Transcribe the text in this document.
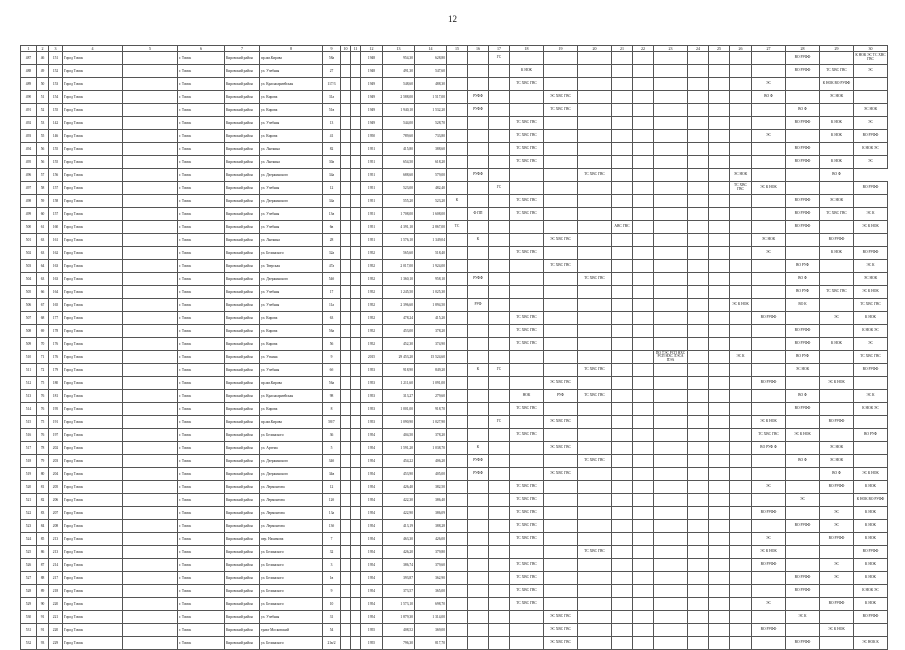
12
1	2	3	4	5	6	7	8	9	10	11	12	13	14	15	16	17	18	19	20	21	22	23	24	25	26	27	28	29	30
487	46	151	Город Томск		г. Томск	Кировский район	пр.им.Кирова	58а			1948	954,30	628,80			ГС											ВО РУФФ		К НОК ЭС ТС ХВС ГВС
488	49	152	Город Томск		г. Томск	Кировский район	ул. Учебная	27			1948	491,30	547,60				К НОК										ВО РУФФ	ТС ХВС ГВС	ЭС
489	50	153	Город Томск		г. Томск	Кировский район	ул. Красноармейская	117/3			1949	548,60	488,30				ТС ХВС ГВС									ЭС		К НОК ВО РУФФ	
490	51	154	Город Томск		г. Томск	Кировский район	ул. Кирова	31а			1949	2 588,00	1 517,00		РУФФ			ЭС ХВС ГВС								ВО Ф		ЭС НОК	
491	52	155	Город Томск		г. Томск	Кировский район	ул. Кирова	51в			1949	1 940,10	1 532,20		РУФФ			ТС ХВС ГВС									ВО Ф		ЭС НОК
492	53	142	Город Томск		г. Томск	Кировский район	ул. Учебная	13			1949	544,00	528,70				ТС ХВС ГВС										ВО РУФФ	К НОК	ЭС
493	55	146	Город Томск		г. Томск	Кировский район	ул. Кирова	41			1950	789,60	733,80				ТС ХВС ГВС									ЭС		К НОК	ВО РУФФ
494	56	155	Город Томск		г. Томск	Кировский район	ул. Лыткина	82			1951	415,80	388,60				ТС ХВС ГВС										ВО РУФФ		К НОК ЭС
495	56	155	Город Томск		г. Томск	Кировский район	ул. Лыткина	30а			1951	654,50	618,20				ТС ХВС ГВС										ВО РУФФ	К НОК	ЭС
496	57	156	Город Томск		г. Томск	Кировский район	ул. Дзержинского	34а			1951	688,60	579,00		РУФФ				ТС ХВС ГВС						ЭС НОК			ВО Ф	
497	58	157	Город Томск		г. Томск	Кировский район	ул. Учебная	12			1951	523,00	482,40			ГС									ТС ХВС ГВС	ЭС К НОК			ВО РУФФ
498	59	158	Город Томск		г. Томск	Кировский район	ул. Дзержинского	34а			1951	555,20	523,20	К			ТС ХВС ГВС										ВО РУФФ	ЭС НОК	
499	60	157	Город Томск		г. Томск	Кировский район	ул. Учебная	13в			1951	1 708,00	1 608,00		Ф ПП		ТС ХВС ГВС										ВО РУФФ	ТС ХВС ГВС	ЭС К
500	61	160	Город Томск		г. Томск	Кировский район	ул. Учебная	6в			1951	4 391,10	2 867,00	ТС						АВС ГВС							ВО РУФФ		ЭС К НОК
501	63	161	Город Томск		г. Томск	Кировский район	ул. Лыткина	28			1951	1 576,10	1 349,04		К			ЭС ХВС ГВС								ЭС НОК		ВО РУФФ	
502	63	162	Город Томск		г. Томск	Кировский район	ул. Белинского	32а			1952	565,60	518,40				ТС ХВС ГВС									ЭС		К НОК	ВО РУФФ
503	64	163	Город Томск		г. Томск	Кировский район	ул. Тверская	47а			1952	2 017,00	1 924,00					ТС ХВС ГВС									ВО РУФ		ЭС К
504	63	163	Город Томск		г. Томск	Кировский район	ул. Дзержинского	54б			1952	1 360,10	958,10		РУФФ				ТС ХВС ГВС								ВО Ф		ЭС НОК
505	66	164	Город Томск		г. Томск	Кировский район	ул. Учебная	17			1952	1 245,50	1 025,30														ВО РУФ	ТС ХВС ГВС	ЭС К НОК
506	67	165	Город Томск		г. Томск	Кировский район	ул. Учебная	11а			1952	2 396,60	1 894,50		РУФ										ЭС К НОК		ВО К		ТС ХВС ГВС
507	68	177	Город Томск		г. Томск	Кировский район	ул. Кирова	63			1952	478,24	415,20				ТС ХВС ГВС									ВО РУФФ		ЭС	К НОК
508	69	178	Город Томск		г. Томск	Кировский район	ул. Кирова	56а			1952	453,00	378,20				ТС ХВС ГВС										ВО РУФФ		К НОК ЭС
509	70	176	Город Томск		г. Томск	Кировский район	ул. Кирова	56			1952	452,30	374,90				ТС ХВС ГВС										ВО РУФФ	К НОК	ЭС
510	71	176	Город Томск		г. Томск	Кировский район	ул. Уткина	9			2015	29 453,20	15 524,60									ПО ТЭС РСП НХС РСП НХС ЛЭСА ПЭА			ЭС К		ВО РУФ		ТС ХВС ГВС
511	72	179	Город Томск		г. Томск	Кировский район	ул. Учебная	6б			1953	918,90	849,20		К	ГС			ТС ХВС ГВС								ЭС НОК		ВО РУФФ
512	75	180	Город Томск		г. Томск	Кировский район	пр.им.Кирова	56а			1953	1 211,60	1 091,00					ЭС ХВС ГВС								ВО РУФФ		ЭС К НОК	
513	76	181	Город Томск		г. Томск	Кировский район	ул. Красноармейская	98			1953	313,27	279,60				НОК	РУФ	ТС ХВС ГВС								ВО Ф		ЭС К
514	76	195	Город Томск		г. Томск	Кировский район	ул. Кирова	8			1953	1 001,00	918,70				ТС ХВС ГВС										ВО РУФФ		К НОК ЭС
515	75	191	Город Томск		г. Томск	Кировский район	пр.им.Кирова	58/7			1953	1 090,90	1 027,90			ГС		ЭС ХВС ГВС								ЭС К НОК		ВО РУФФ	
516	76	197	Город Томск		г. Томск	Кировский район	ул. Белинского	36			1954	404,50	378,20				ТС ХВС ГВС									ТС ХВС ГВС	ЭС К НОК		ВО РУФ
517	78	202	Город Томск		г. Томск	Кировский район	ул. Артема	5			1954	1 591,20	1 038,70		К			ЭС ХВС ГВС								ВО РУФ Ф		ЭС НОК	
518	79	203	Город Томск		г. Томск	Кировский район	ул. Дзержинского	34б			1954	454,22	406,20		РУФФ				ТС ХВС ГВС								ВО Ф	ЭС НОК	
519	80	204	Город Томск		г. Томск	Кировский район	ул. Дзержинского	34в			1954	453,90	405,00		РУФФ			ЭС ХВС ГВС										ВО Ф	ЭС К НОК
520	81	205	Город Томск		г. Томск	Кировский район	ул. Лермонтова	12			1954	426,40	382,50				ТС ХВС ГВС									ЭС		ВО РУФФ	К НОК
521	82	206	Город Томск		г. Томск	Кировский район	ул. Лермонтова	12б			1954	422,30	386,40				ТС ХВС ГВС										ЭС		К НОК ВО РУФФ
522	83	207	Город Томск		г. Томск	Кировский район	ул. Лермонтова	13а			1954	422,90	386,09				ТС ХВС ГВС									ВО РУФФ		ЭС	К НОК
523	84	208	Город Томск		г. Томск	Кировский район	ул. Лермонтова	13б			1954	413,19	388,28				ТС ХВС ГВС										ВО РУФФ	ЭС	К НОК
524	85	213	Город Томск		г. Томск	Кировский район	пер. Нахимова	7			1954	463,30	426,00				ТС ХВС ГВС									ЭС		ВО РУФФ	К НОК
525	86	213	Город Томск		г. Томск	Кировский район	ул. Белинского	32			1954	426,20	379,80						ТС ХВС ГВС							ЭС К НОК			ВО РУФФ
526	87	214	Город Томск		г. Томск	Кировский район	ул. Белинского	3			1954	386,74	379,60				ТС ХВС ГВС									ВО РУФФ		ЭС	К НОК
527	88	217	Город Томск		г. Томск	Кировский район	ул. Белинского	1в			1954	393,87	362,90				ТС ХВС ГВС										ВО РУФФ	ЭС	К НОК
528	89	218	Город Томск		г. Томск	Кировский район	ул. Белинского	9			1954	373,57	365,00				ТС ХВС ГВС										ВО РУФФ		К НОК ЭС
529	90	220	Город Томск		г. Томск	Кировский район	ул. Белинского	10			1954	1 573,10	698,70				ТС ХВС ГВС									ЭС		ВО РУФФ	К НОК
530	91	221	Город Томск		г. Томск	Кировский район	ул. Учебная	31			1954	1 879,30	1 314,00					ЭС ХВС ГВС									ЭС К		ВО РУФФ
531	91	220	Город Томск		г. Томск	Кировский район	тракт Московский	54			1955	408,52	369,00					ЭС ХВС ГВС								ВО РУФФ		ЭС К НОК	
532	93	229	Город Томск		г. Томск	Кировский район	ул. Белинского	21в/2			1955	796,30	817,70					ЭС ХВС ГВС									ВО РУФФ		ЭС НОК К
